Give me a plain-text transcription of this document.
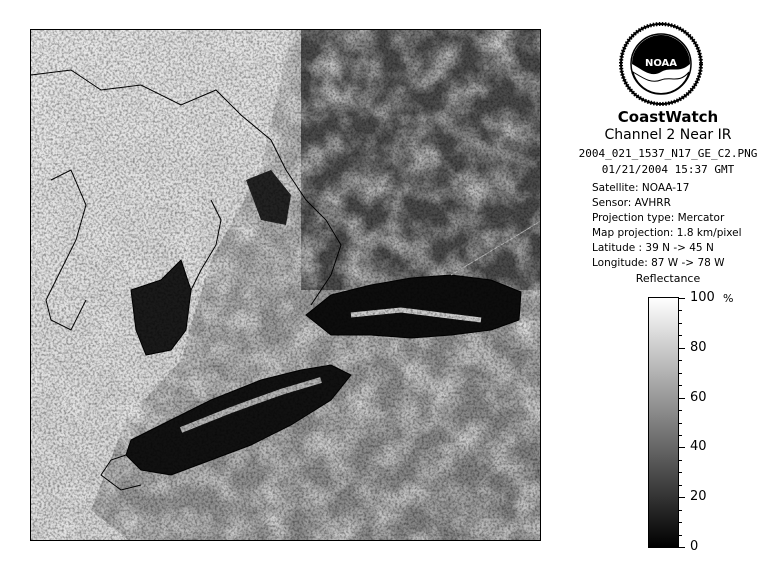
NOAA
CoastWatch
Channel 2 Near IR
2004_021_1537_N17_GE_C2.PNG
01/21/2004 15:37 GMT
Satellite: NOAA-17
Sensor: AVHRR
Projection type: Mercator
Map projection: 1.8 km/pixel
Latitude : 39 N -> 45 N
Longitude: 87 W -> 78 W
Reflectance
%
100
80
60
40
20
0
